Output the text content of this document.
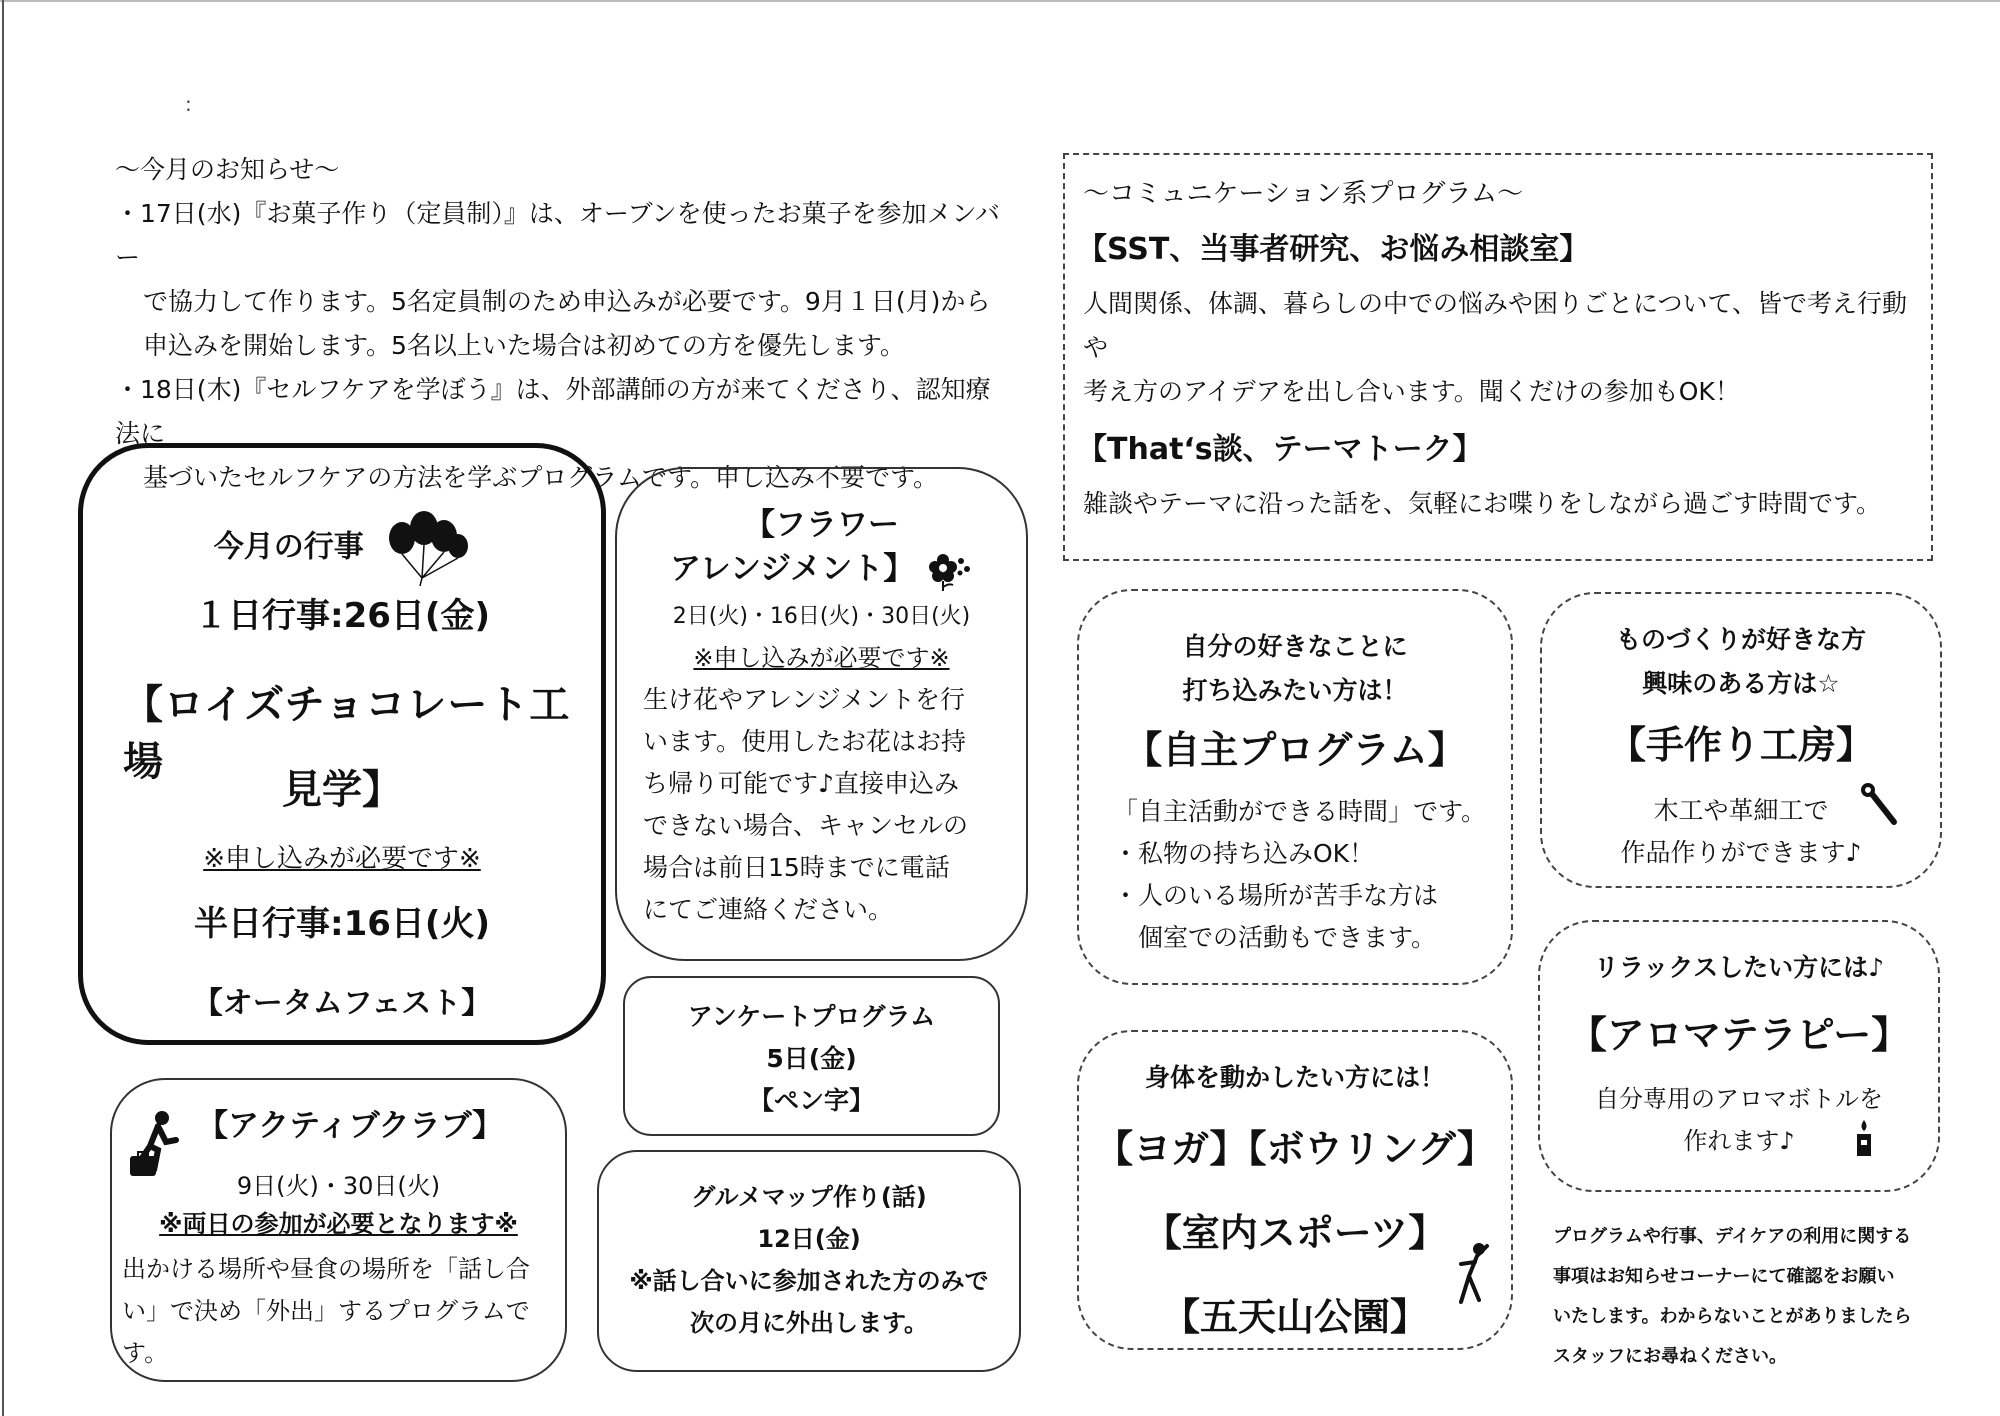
:

～今月のお知らせ～

・17日(水)『お菓子作り（定員制）』は、オーブンを使ったお菓子を参加メンバー

で協力して作ります。5名定員制のため申込みが必要です。9月１日(月)から

申込みを開始します。5名以上いた場合は初めての方を優先します。

・18日(木)『セルフケアを学ぼう』は、外部講師の方が来てくださり、認知療法に

基づいたセルフケアの方法を学ぶプログラムです。申し込み不要です。

～コミュニケーション系プログラム～
【SST、当事者研究、お悩み相談室】
人間関係、体調、暮らしの中での悩みや困りごとについて、皆で考え行動や
考え方のアイデアを出し合います。聞くだけの参加もOK！
【That‘s談、テーマトーク】
雑談やテーマに沿った話を、気軽にお喋りをしながら過ごす時間です。
今月の行事
１日行事:26日(金)
【ロイズチョコレート工場
見学】
※申し込みが必要です※
半日行事:16日(火)
【オータムフェスト】
【フラワー
アレンジメント】
2日(火)・16日(火)・30日(火)
※申し込みが必要です※
生け花やアレンジメントを行
います。使用したお花はお持
ち帰り可能です♪直接申込み
できない場合、キャンセルの
場合は前日15時までに電話
にてご連絡ください。
アンケートプログラム
5日(金)
【ペン字】
グルメマップ作り(話)
12日(金)
※話し合いに参加された方のみで
次の月に外出します。
【アクティブクラブ】
9日(火)・30日(火)
※両日の参加が必要となります※
出かける場所や昼食の場所を「話し合
い」で決め「外出」するプログラムです。
自分の好きなことに
打ち込みたい方は！
【自主プログラム】
「自主活動ができる時間」です。
・私物の持ち込みOK！
・人のいる場所が苦手な方は
　個室での活動もできます。
ものづくりが好きな方
興味のある方は☆
【手作り工房】
木工や革細工で
作品作りができます♪
リラックスしたい方には♪
【アロマテラピー】
自分専用のアロマボトルを
作れます♪
身体を動かしたい方には！
【ヨガ】【ボウリング】
【室内スポーツ】
【五天山公園】
プログラムや行事、デイケアの利用に関する
事項はお知らせコーナーにて確認をお願い
いたします。わからないことがありましたら
スタッフにお尋ねください。
